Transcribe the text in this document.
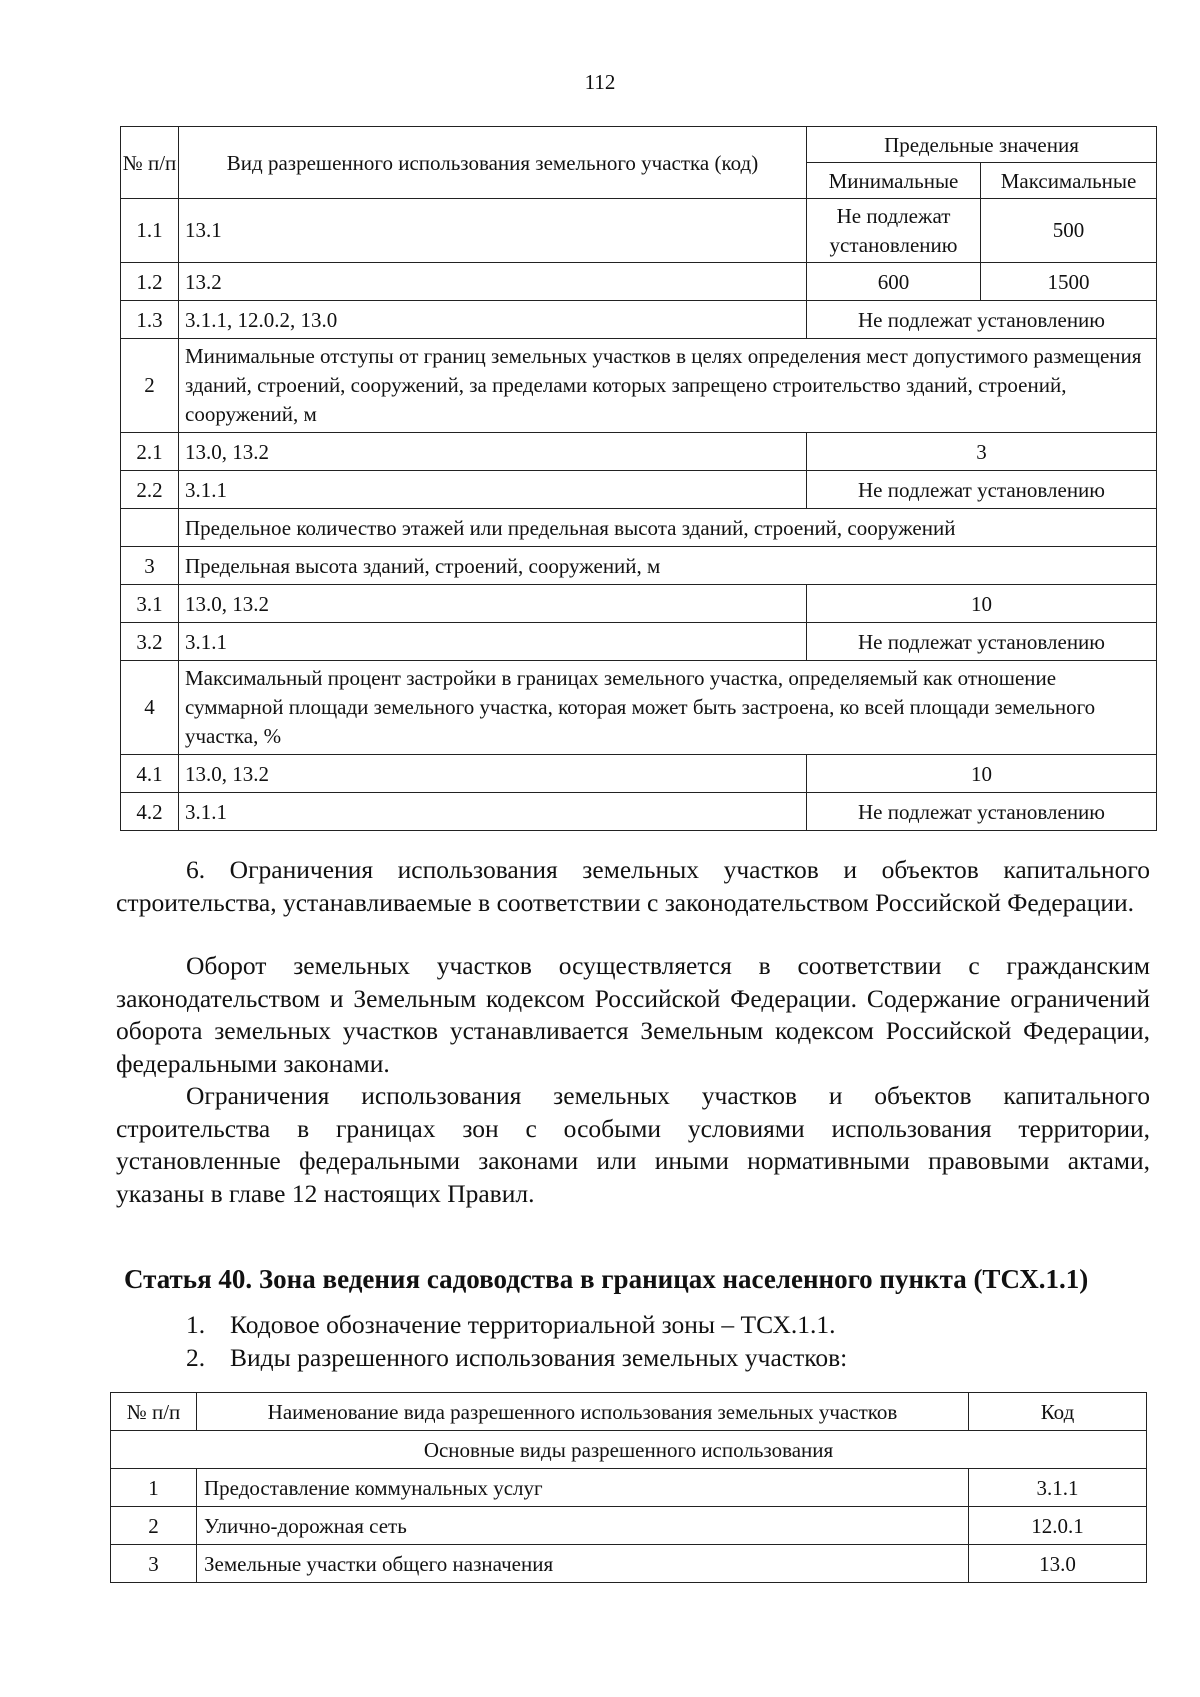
112
№ п/п	Вид разрешенного использования земельного участка (код)	Предельные значения	
		Минимальные	Максимальные
1.1	13.1	Не подлежат установлению	500
1.2	13.2	600	1500
1.3	3.1.1, 12.0.2, 13.0	Не подлежат установлению	
2	Минимальные отступы от границ земельных участков в целях определения мест допустимого размещения зданий, строений, сооружений, за пределами которых запрещено строительство зданий, строений, сооружений, м		
2.1	13.0, 13.2	3	
2.2	3.1.1	Не подлежат установлению	
	Предельное количество этажей или предельная высота зданий, строений, сооружений		
3	Предельная высота зданий, строений, сооружений, м		
3.1	13.0, 13.2	10	
3.2	3.1.1	Не подлежат установлению	
4	Максимальный процент застройки в границах земельного участка, определяемый как отношение суммарной площади земельного участка, которая может быть застроена, ко всей площади земельного участка, %		
4.1	13.0, 13.2	10	
4.2	3.1.1	Не подлежат установлению	

6. Ограничения использования земельных участков и объектов капитального строительства, устанавливаемые в соответствии с законодательством Российской Федерации.

Оборот земельных участков осуществляется в соответствии с гражданским законодательством и Земельным кодексом Российской Федерации. Содержание ограничений оборота земельных участков устанавливается Земельным кодексом Российской Федерации, федеральными законами.

Ограничения использования земельных участков и объектов капитального строительства в границах зон с особыми условиями использования территории, установленные федеральными законами или иными нормативными правовыми актами, указаны в главе 12 настоящих Правил.

Статья 40. Зона ведения садоводства в границах населенного пункта (ТСХ.1.1)
1. Кодовое обозначение территориальной зоны – ТСХ.1.1.
2. Виды разрешенного использования земельных участков:
№ п/п	Наименование вида разрешенного использования земельных участков	Код
Основные виды разрешенного использования		
1	Предоставление коммунальных услуг	3.1.1
2	Улично-дорожная сеть	12.0.1
3	Земельные участки общего назначения	13.0
